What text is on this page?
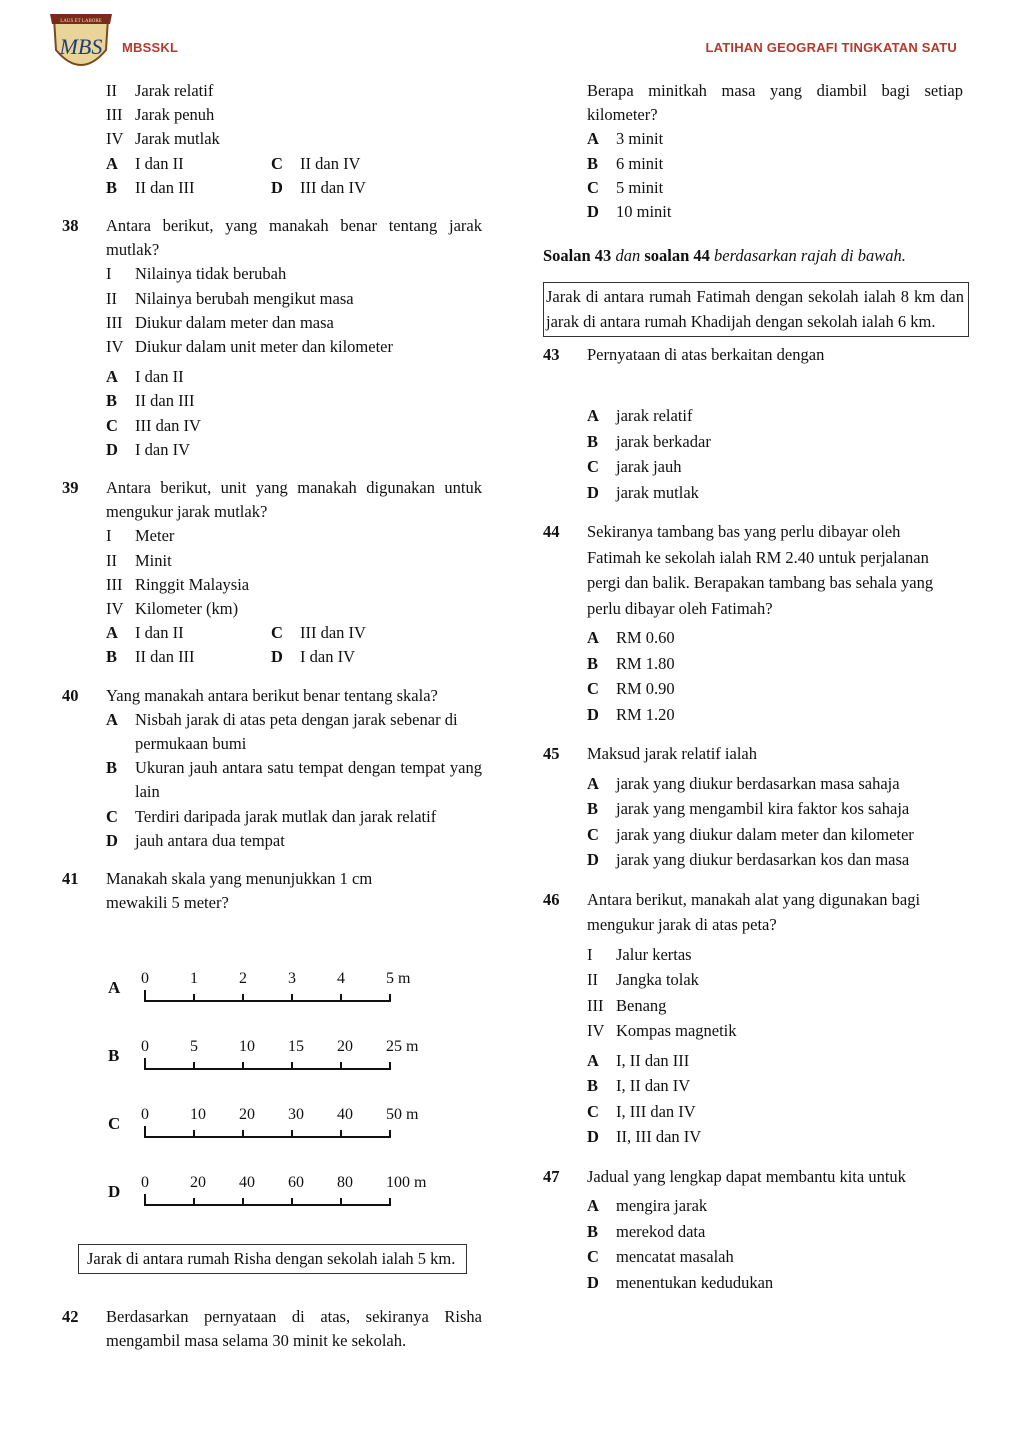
LAUS ET LABORE
MBS MBSSKL	LATIHAN GEOGRAFI TINGKATAN SATU
II	Jarak relatif
III Jarak penuh
IV Jarak mutlak
A	I dan II	C	II dan IV
B	II dan III	D	III dan IV
38	Antara berikut, yang manakah benar tentang jarak mutlak?
I	Nilainya tidak berubah
II	Nilainya berubah mengikut masa
III Diukur dalam meter dan masa
IV Diukur dalam unit meter dan kilometer
A	I dan II
B	II dan III
C	III dan IV
D	I dan IV
39	Antara berikut, unit yang manakah digunakan untuk mengukur jarak mutlak?
I	Meter
II	Minit
III Ringgit Malaysia
IV Kilometer (km)
A	I dan II	C	III dan IV
B	II dan III	D	I dan IV
40	Yang manakah antara berikut benar tentang skala?
A	Nisbah jarak di atas peta dengan jarak sebenar di permukaan bumi
B	Ukuran jauh antara satu tempat dengan tempat yang lain
C	Terdiri daripada jarak mutlak dan jarak relatif
D	jauh antara dua tempat
41	Manakah skala yang menunjukkan 1 cm mewakili 5 meter?
A 0	1	2	3	4	5 m
B 0	5	10 15 20 25 m
C 0	10 20 30 40 50 m
D 0	20 40 60 80 100 m
Jarak di antara rumah Risha dengan sekolah ialah 5 km.
42	Berdasarkan pernyataan di atas, sekiranya Risha mengambil masa selama 30 minit ke sekolah.
Berapa minitkah masa yang diambil bagi setiap kilometer?
A	3 minit
B	6 minit
C	5 minit
D	10 minit
Soalan 43 dan soalan 44 berdasarkan rajah di bawah.
Jarak di antara rumah Fatimah dengan sekolah ialah 8 km dan jarak di antara rumah Khadijah dengan sekolah ialah 6 km.
43	Pernyataan di atas berkaitan dengan
A	jarak relatif
B	jarak berkadar
C	jarak jauh
D	jarak mutlak
44	Sekiranya tambang bas yang perlu dibayar oleh Fatimah ke sekolah ialah RM 2.40 untuk perjalanan pergi dan balik. Berapakan tambang bas sehala yang perlu dibayar oleh Fatimah?
A	RM 0.60
B	RM 1.80
C	RM 0.90
D	RM 1.20
45	Maksud jarak relatif ialah
A	jarak yang diukur berdasarkan masa sahaja
B	jarak yang mengambil kira faktor kos sahaja
C	jarak yang diukur dalam meter dan kilometer
D	jarak yang diukur berdasarkan kos dan masa
46	Antara berikut, manakah alat yang digunakan bagi mengukur jarak di atas peta?
I	Jalur kertas
II	Jangka tolak
III Benang
IV Kompas magnetik
A	I, II dan III
B	I, II dan IV
C	I, III dan IV
D	II, III dan IV
47	Jadual yang lengkap dapat membantu kita untuk
A	mengira jarak
B	merekod data
C	mencatat masalah
D	menentukan kedudukan
